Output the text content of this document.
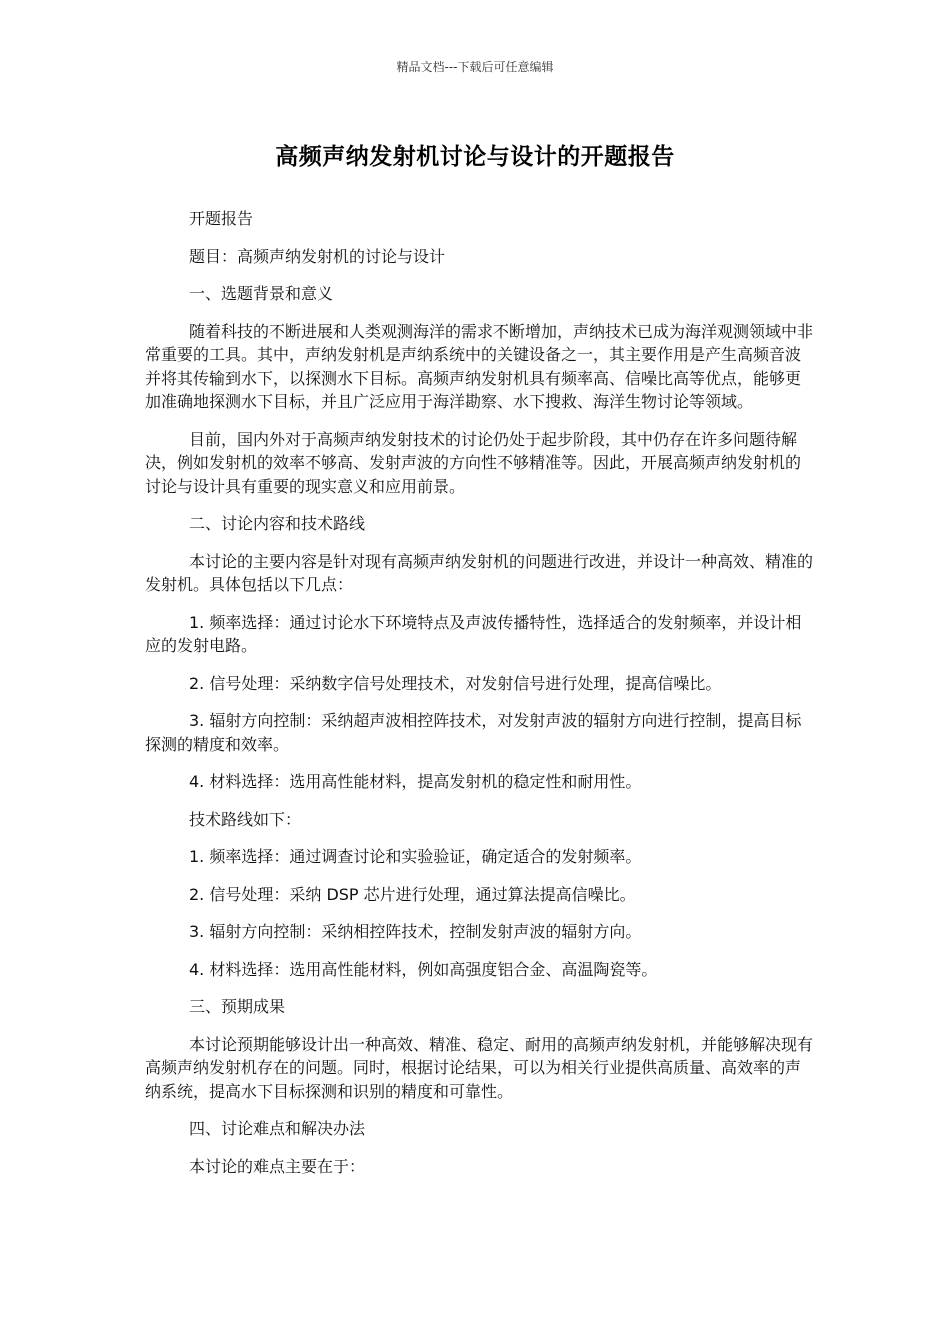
精品文档---下载后可任意编辑
高频声纳发射机讨论与设计的开题报告

开题报告

题目：高频声纳发射机的讨论与设计

一、选题背景和意义

随着科技的不断进展和人类观测海洋的需求不断增加，声纳技术已成为海洋观测领域中非常重要的工具。其中，声纳发射机是声纳系统中的关键设备之一，其主要作用是产生高频音波并将其传输到水下，以探测水下目标。高频声纳发射机具有频率高、信噪比高等优点，能够更加准确地探测水下目标，并且广泛应用于海洋勘察、水下搜救、海洋生物讨论等领域。

目前，国内外对于高频声纳发射技术的讨论仍处于起步阶段，其中仍存在许多问题待解决，例如发射机的效率不够高、发射声波的方向性不够精准等。因此，开展高频声纳发射机的讨论与设计具有重要的现实意义和应用前景。

二、讨论内容和技术路线

本讨论的主要内容是针对现有高频声纳发射机的问题进行改进，并设计一种高效、精准的发射机。具体包括以下几点：

1. 频率选择：通过讨论水下环境特点及声波传播特性，选择适合的发射频率，并设计相应的发射电路。

2. 信号处理：采纳数字信号处理技术，对发射信号进行处理，提高信噪比。

3. 辐射方向控制：采纳超声波相控阵技术，对发射声波的辐射方向进行控制，提高目标探测的精度和效率。

4. 材料选择：选用高性能材料，提高发射机的稳定性和耐用性。

技术路线如下：

1. 频率选择：通过调查讨论和实验验证，确定适合的发射频率。

2. 信号处理：采纳 DSP 芯片进行处理，通过算法提高信噪比。

3. 辐射方向控制：采纳相控阵技术，控制发射声波的辐射方向。

4. 材料选择：选用高性能材料，例如高强度铝合金、高温陶瓷等。

三、预期成果

本讨论预期能够设计出一种高效、精准、稳定、耐用的高频声纳发射机，并能够解决现有高频声纳发射机存在的问题。同时，根据讨论结果，可以为相关行业提供高质量、高效率的声纳系统，提高水下目标探测和识别的精度和可靠性。

四、讨论难点和解决办法

本讨论的难点主要在于：
